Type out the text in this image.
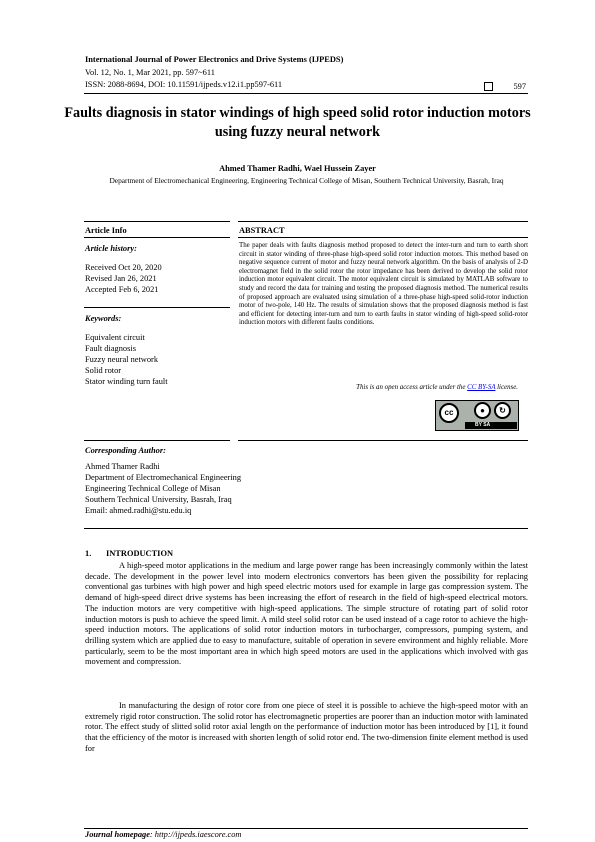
International Journal of Power Electronics and Drive Systems (IJPEDS)
Vol. 12, No. 1, Mar 2021, pp. 597~611
ISSN: 2088-8694, DOI: 10.11591/ijpeds.v12.i1.pp597-611	597
Faults diagnosis in stator windings of high speed solid rotor induction motors using fuzzy neural network
Ahmed Thamer Radhi, Wael Hussein Zayer
Department of Electromechanical Engineering, Engineering Technical College of Misan, Southern Technical University, Basrah, Iraq
Article Info	ABSTRACT
Article history:
Received Oct 20, 2020
Revised Jan 26, 2021
Accepted Feb 6, 2021
Keywords:
Equivalent circuit
Fault diagnosis
Fuzzy neural network
Solid rotor
Stator winding turn fault
The paper deals with faults diagnosis method proposed to detect the inter-turn and turn to earth short circuit in stator winding of three-phase high-speed solid rotor induction motors. This method based on negative sequence current of motor and fuzzy neural network algorithm. On the basis of analysis of 2-D electromagnet field in the solid rotor the rotor impedance has been derived to develop the solid rotor induction motor equivalent circuit. The motor equivalent circuit is simulated by MATLAB software to study and record the data for training and testing the proposed diagnosis method. The numerical results of proposed approach are evaluated using simulation of a three-phase high-speed solid-rotor induction motor of two-pole, 140 Hz. The results of simulation shows that the proposed diagnosis method is fast and efficient for detecting inter-turn and turn to earth faults in stator winding of high-speed solid-rotor induction motors with different faults conditions.
This is an open access article under the CC BY-SA license.
cc	●	↻
BY SA
Corresponding Author:
Ahmed Thamer Radhi
Department of Electromechanical Engineering
Engineering Technical College of Misan
Southern Technical University, Basrah, Iraq
Email: ahmed.radhi@stu.edu.iq
1. INTRODUCTION
A high-speed motor applications in the medium and large power range has been increasingly commonly within the latest decade. The development in the power level into modern electronics convertors has been given the possibility for replacing conventional gas turbines with high power and high speed electric motors used for example in large gas compression system. The demand of high-speed direct drive systems has been increasing the effort of research in the field of high-speed electrical motors. The induction motors are very competitive with high-speed applications. The simple structure of rotating part of solid rotor induction motors is push to achieve the speed limit. A mild steel solid rotor can be used instead of a cage rotor to achieve the high-speed induction motors. The applications of solid rotor induction motors in turbocharger, compressors, pumping system, and drilling system which are applied due to easy to manufacture, suitable of operation in severe environment and highly reliable. More particularly, seem to be the most important area in which high speed motors are used in the applications which involved with gas movement and compression.
In manufacturing the design of rotor core from one piece of steel it is possible to achieve the high-speed motor with an extremely rigid rotor construction. The solid rotor has electromagnetic properties are poorer than an induction motor with laminated rotor. The effect study of slitted solid rotor axial length on the performance of induction motor has been introduced by [1], it found that the efficiency of the motor is increased with shorten length of solid rotor end. The two-dimension finite element method is used for
Journal homepage: http://ijpeds.iaescore.com
